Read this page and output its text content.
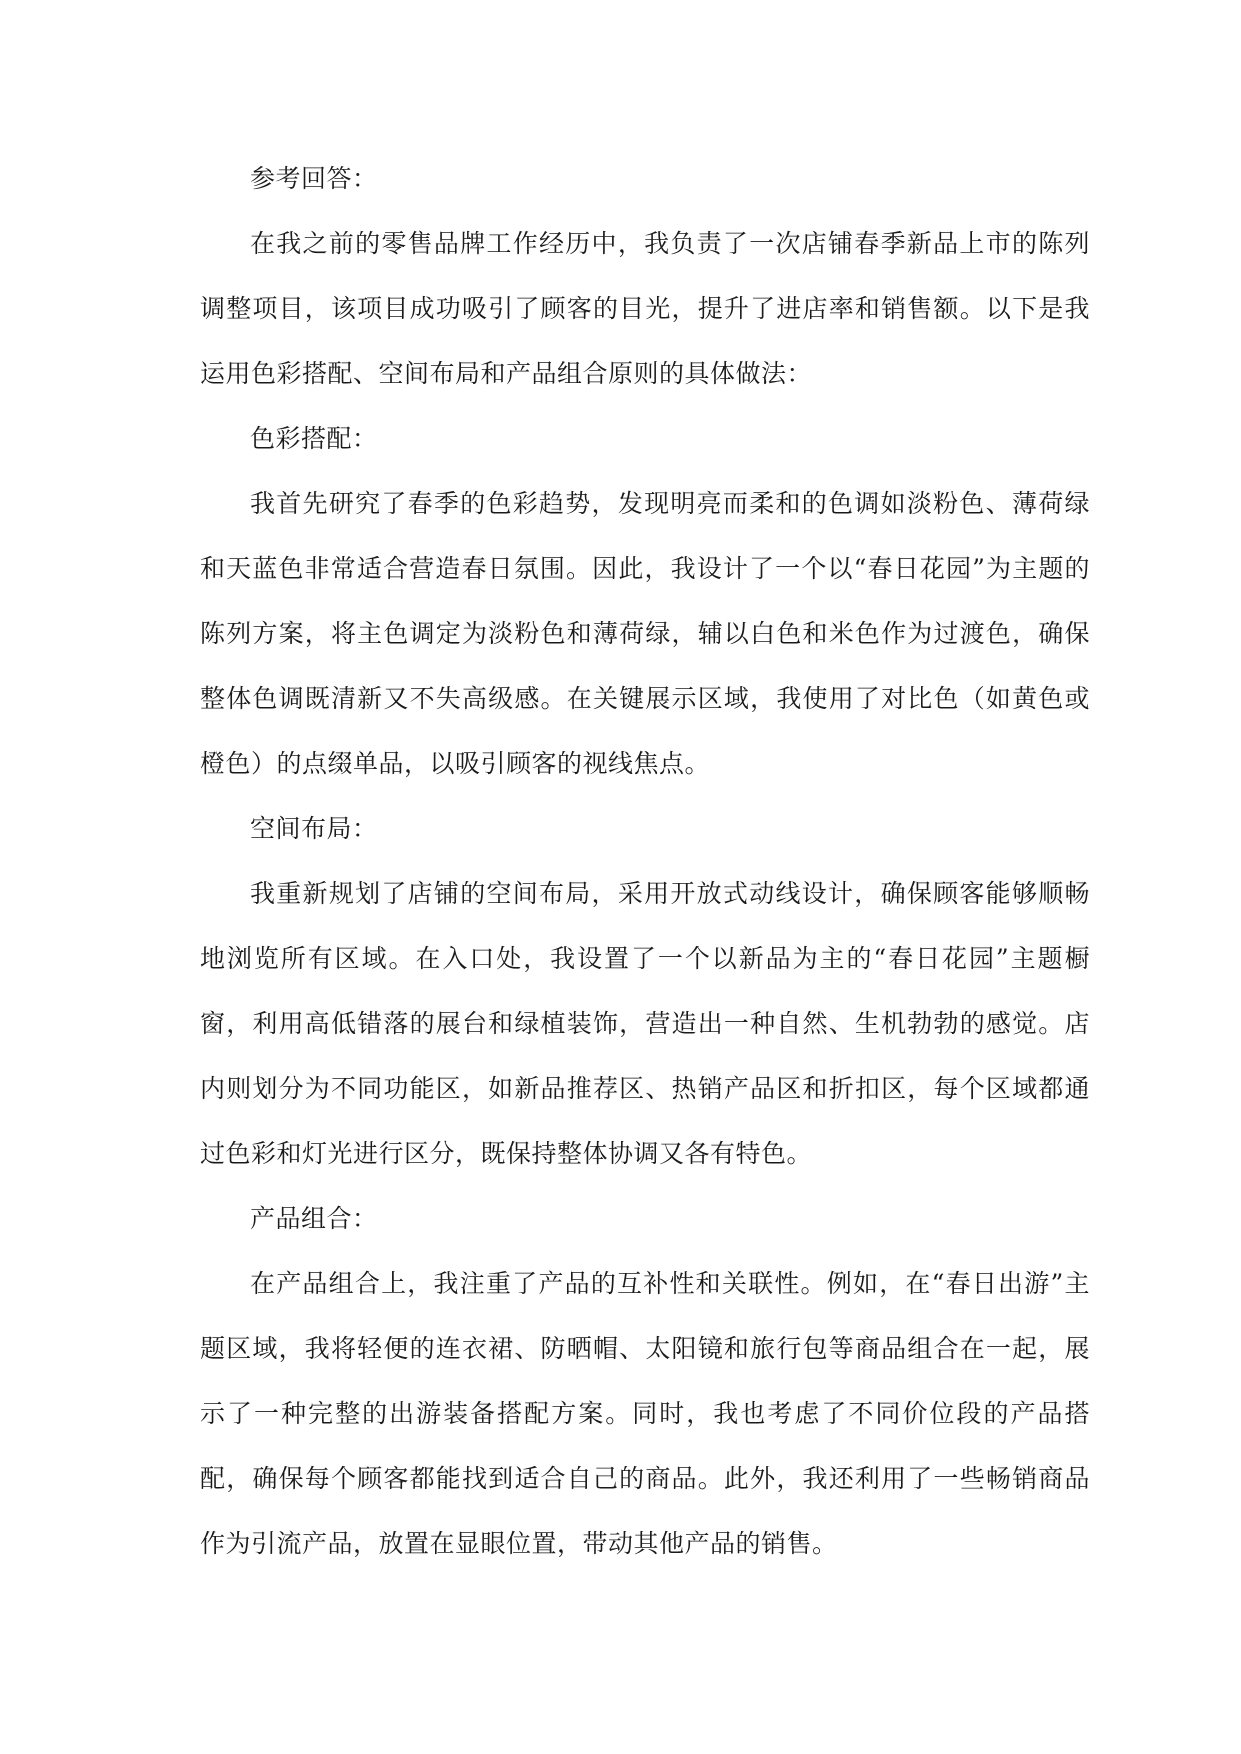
参考回答：

在我之前的零售品牌工作经历中，我负责了一次店铺春季新品上市的陈列调整项目，该项目成功吸引了顾客的目光，提升了进店率和销售额。以下是我运用色彩搭配、空间布局和产品组合原则的具体做法：

色彩搭配：

我首先研究了春季的色彩趋势，发现明亮而柔和的色调如淡粉色、薄荷绿和天蓝色非常适合营造春日氛围。因此，我设计了一个以“春日花园”为主题的陈列方案，将主色调定为淡粉色和薄荷绿，辅以白色和米色作为过渡色，确保整体色调既清新又不失高级感。在关键展示区域，我使用了对比色（如黄色或橙色）的点缀单品，以吸引顾客的视线焦点。

空间布局：

我重新规划了店铺的空间布局，采用开放式动线设计，确保顾客能够顺畅地浏览所有区域。在入口处，我设置了一个以新品为主的“春日花园”主题橱窗，利用高低错落的展台和绿植装饰，营造出一种自然、生机勃勃的感觉。店内则划分为不同功能区，如新品推荐区、热销产品区和折扣区，每个区域都通过色彩和灯光进行区分，既保持整体协调又各有特色。

产品组合：

在产品组合上，我注重了产品的互补性和关联性。例如，在“春日出游”主题区域，我将轻便的连衣裙、防晒帽、太阳镜和旅行包等商品组合在一起，展示了一种完整的出游装备搭配方案。同时，我也考虑了不同价位段的产品搭配，确保每个顾客都能找到适合自己的商品。此外，我还利用了一些畅销商品作为引流产品，放置在显眼位置，带动其他产品的销售。
